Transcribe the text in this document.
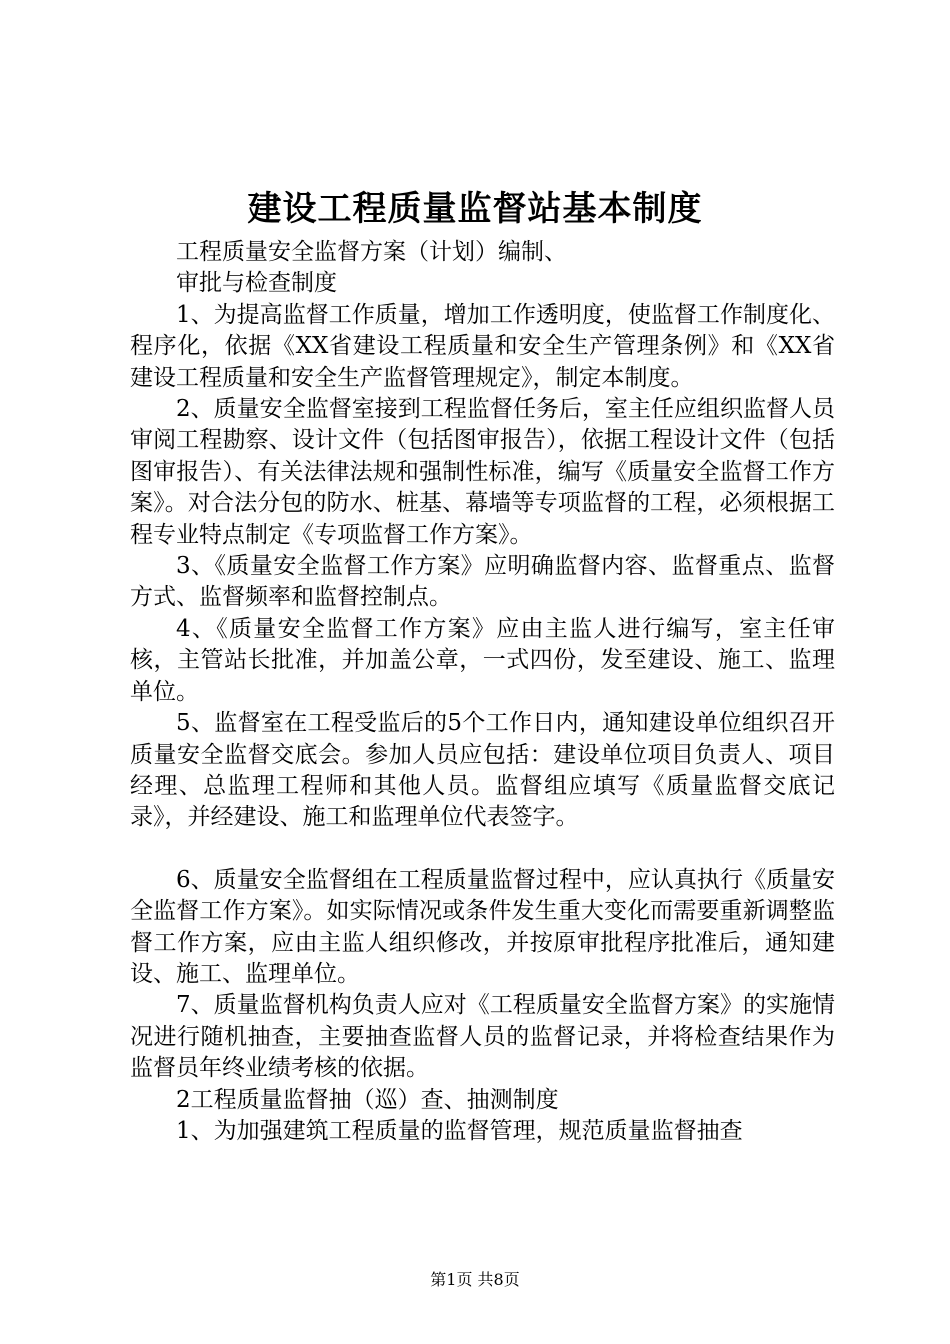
建设工程质量监督站基本制度

工程质量安全监督方案（计划）编制、

审批与检查制度

1、为提高监督工作质量，增加工作透明度，使监督工作制度化、程序化，依据《XX省建设工程质量和安全生产管理条例》和《XX省建设工程质量和安全生产监督管理规定》，制定本制度。

2、质量安全监督室接到工程监督任务后，室主任应组织监督人员审阅工程勘察、设计文件（包括图审报告），依据工程设计文件（包括图审报告）、有关法律法规和强制性标准，编写《质量安全监督工作方案》。对合法分包的防水、桩基、幕墙等专项监督的工程，必须根据工程专业特点制定《专项监督工作方案》。

3、《质量安全监督工作方案》应明确监督内容、监督重点、监督方式、监督频率和监督控制点。

4、《质量安全监督工作方案》应由主监人进行编写，室主任审核，主管站长批准，并加盖公章，一式四份，发至建设、施工、监理单位。

5、监督室在工程受监后的5个工作日内，通知建设单位组织召开质量安全监督交底会。参加人员应包括：建设单位项目负责人、项目经理、总监理工程师和其他人员。监督组应填写《质量监督交底记录》，并经建设、施工和监理单位代表签字。

6、质量安全监督组在工程质量监督过程中，应认真执行《质量安全监督工作方案》。如实际情况或条件发生重大变化而需要重新调整监督工作方案，应由主监人组织修改，并按原审批程序批准后，通知建设、施工、监理单位。

7、质量监督机构负责人应对《工程质量安全监督方案》的实施情况进行随机抽查，主要抽查监督人员的监督记录，并将检查结果作为监督员年终业绩考核的依据。

2工程质量监督抽（巡）查、抽测制度

1、为加强建筑工程质量的监督管理，规范质量监督抽查

第1页 共8页
